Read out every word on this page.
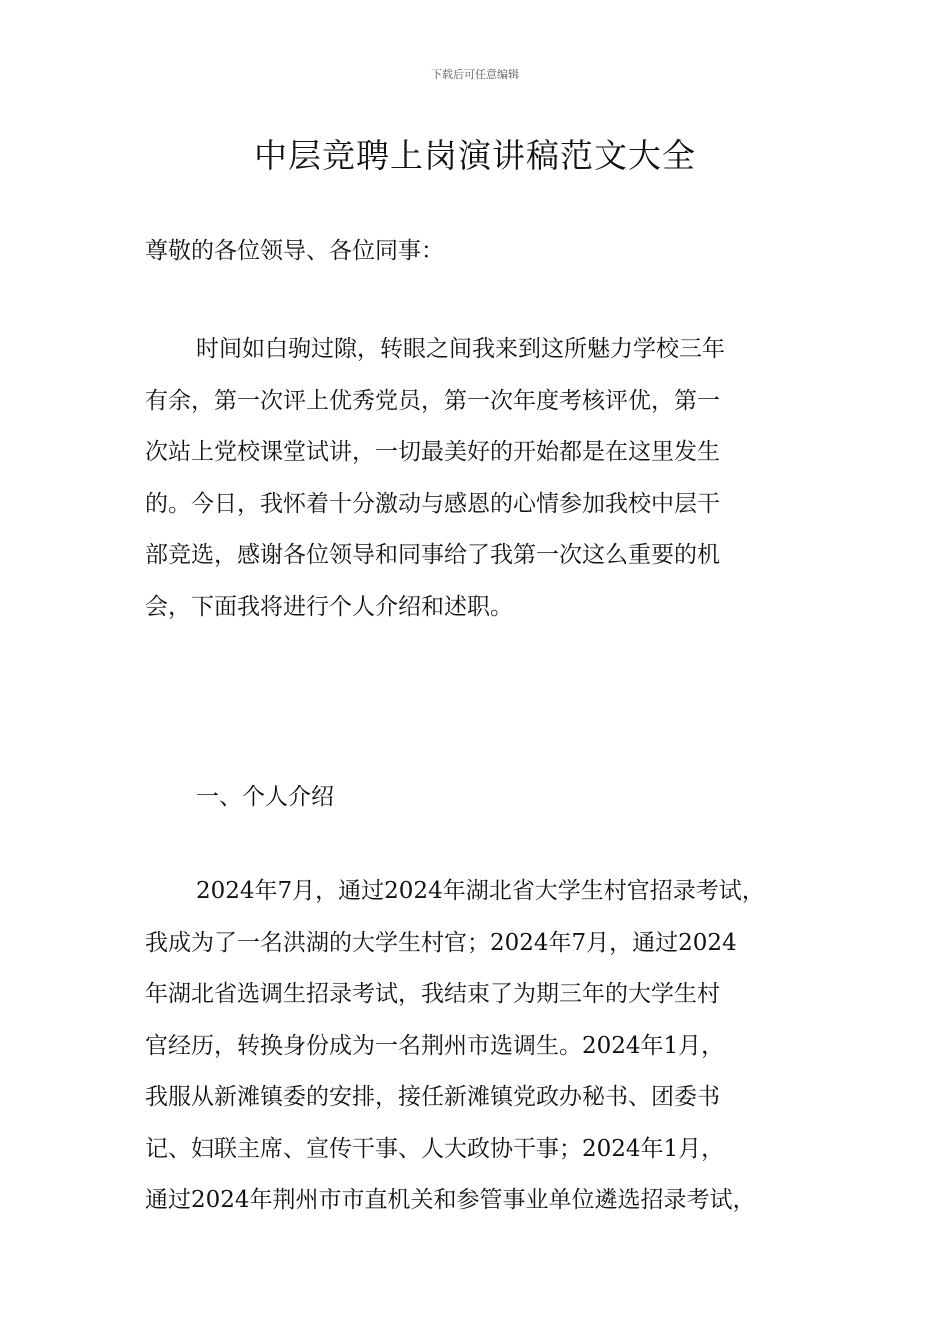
下载后可任意编辑
中层竞聘上岗演讲稿范文大全
尊敬的各位领导、各位同事：
时间如白驹过隙，转眼之间我来到这所魅力学校三年
有余，第一次评上优秀党员，第一次年度考核评优，第一
次站上党校课堂试讲，一切最美好的开始都是在这里发生
的。今日，我怀着十分激动与感恩的心情参加我校中层干
部竞选，感谢各位领导和同事给了我第一次这么重要的机
会，下面我将进行个人介绍和述职。
一、个人介绍
2024年7月，通过2024年湖北省大学生村官招录考试，
我成为了一名洪湖的大学生村官；2024年7月，通过2024
年湖北省选调生招录考试，我结束了为期三年的大学生村
官经历，转换身份成为一名荆州市选调生。2024年1月，
我服从新滩镇委的安排，接任新滩镇党政办秘书、团委书
记、妇联主席、宣传干事、人大政协干事；2024年1月，
通过2024年荆州市市直机关和参管事业单位遴选招录考试，
